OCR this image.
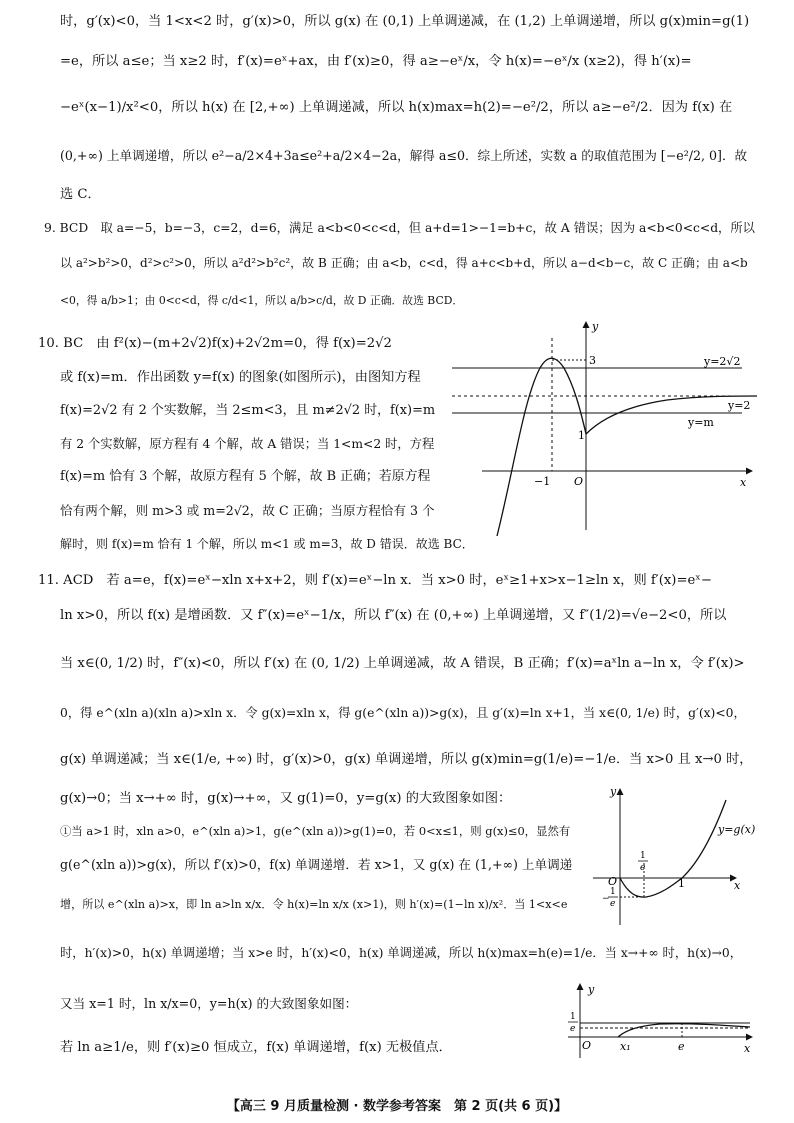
时，g′(x)<0，当 1<x<2 时，g′(x)>0，所以 g(x) 在 (0,1) 上单调递减，在 (1,2) 上单调递增，所以 g(x)min=g(1)
=e，所以 a≤e；当 x≥2 时，f′(x)=eˣ+ax，由 f′(x)≥0，得 a≥−eˣ/x，令 h(x)=−eˣ/x (x≥2)，得 h′(x)=
−eˣ(x−1)/x²<0，所以 h(x) 在 [2,+∞) 上单调递减，所以 h(x)max=h(2)=−e²/2，所以 a≥−e²/2．因为 f(x) 在
(0,+∞) 上单调递增，所以 e²−a/2×4+3a≤e²+a/2×4−2a，解得 a≤0．综上所述，实数 a 的取值范围为 [−e²/2, 0]．故
选 C．
9. BCD　取 a=−5，b=−3，c=2，d=6，满足 a<b<0<c<d，但 a+d=1>−1=b+c，故 A 错误；因为 a<b<0<c<d，所以
以 a²>b²>0，d²>c²>0，所以 a²d²>b²c²，故 B 正确；由 a<b，c<d，得 a+c<b+d，所以 a−d<b−c，故 C 正确；由 a<b
<0，得 a/b>1；由 0<c<d，得 c/d<1，所以 a/b>c/d，故 D 正确．故选 BCD．
10. BC　由 f²(x)−(m+2√2)f(x)+2√2m=0，得 f(x)=2√2
或 f(x)=m．作出函数 y=f(x) 的图象(如图所示)，由图知方程
f(x)=2√2 有 2 个实数解，当 2≤m<3，且 m≠2√2 时，f(x)=m
有 2 个实数解，原方程有 4 个解，故 A 错误；当 1<m<2 时，方程
f(x)=m 恰有 3 个解，故原方程有 5 个解，故 B 正确；若原方程
恰有两个解，则 m>3 或 m=2√2，故 C 正确；当原方程恰有 3 个
解时，则 f(x)=m 恰有 1 个解，所以 m<1 或 m=3，故 D 错误．故选 BC．
11. ACD　若 a=e，f(x)=eˣ−xln x+x+2，则 f′(x)=eˣ−ln x．当 x>0 时，eˣ≥1+x>x−1≥ln x，则 f′(x)=eˣ−
ln x>0，所以 f(x) 是增函数．又 f″(x)=eˣ−1/x，所以 f″(x) 在 (0,+∞) 上单调递增，又 f″(1/2)=√e−2<0，所以
当 x∈(0, 1/2) 时，f″(x)<0，所以 f′(x) 在 (0, 1/2) 上单调递减，故 A 错误，B 正确；f′(x)=aˣln a−ln x，令 f′(x)>
0，得 e^(xln a)(xln a)>xln x．令 g(x)=xln x，得 g(e^(xln a))>g(x)，且 g′(x)=ln x+1，当 x∈(0, 1/e) 时，g′(x)<0，
g(x) 单调递减；当 x∈(1/e, +∞) 时，g′(x)>0，g(x) 单调递增，所以 g(x)min=g(1/e)=−1/e．当 x>0 且 x→0 时，
g(x)→0；当 x→+∞ 时，g(x)→+∞，又 g(1)=0，y=g(x) 的大致图象如图：
①当 a>1 时，xln a>0，e^(xln a)>1，g(e^(xln a))>g(1)=0，若 0<x≤1，则 g(x)≤0，显然有
g(e^(xln a))>g(x)，所以 f′(x)>0，f(x) 单调递增．若 x>1，又 g(x) 在 (1,+∞) 上单调递
增，所以 e^(xln a)>x，即 ln a>ln x/x．令 h(x)=ln x/x (x>1)，则 h′(x)=(1−ln x)/x²．当 1<x<e
时，h′(x)>0，h(x) 单调递增；当 x>e 时，h′(x)<0，h(x) 单调递减，所以 h(x)max=h(e)=1/e．当 x→+∞ 时，h(x)→0，
又当 x=1 时，ln x/x=0，y=h(x) 的大致图象如图：
若 ln a≥1/e，则 f′(x)≥0 恒成立，f(x) 单调递增，f(x) 无极值点．
y
x
O
3
1
−1
y=2√2
y=2
y=m
y
x
O
y=g(x)
1
e
−
1
e
1
y
x
O
1
e
x₁	e
【高三 9 月质量检测 · 数学参考答案　第 2 页(共 6 页)】
